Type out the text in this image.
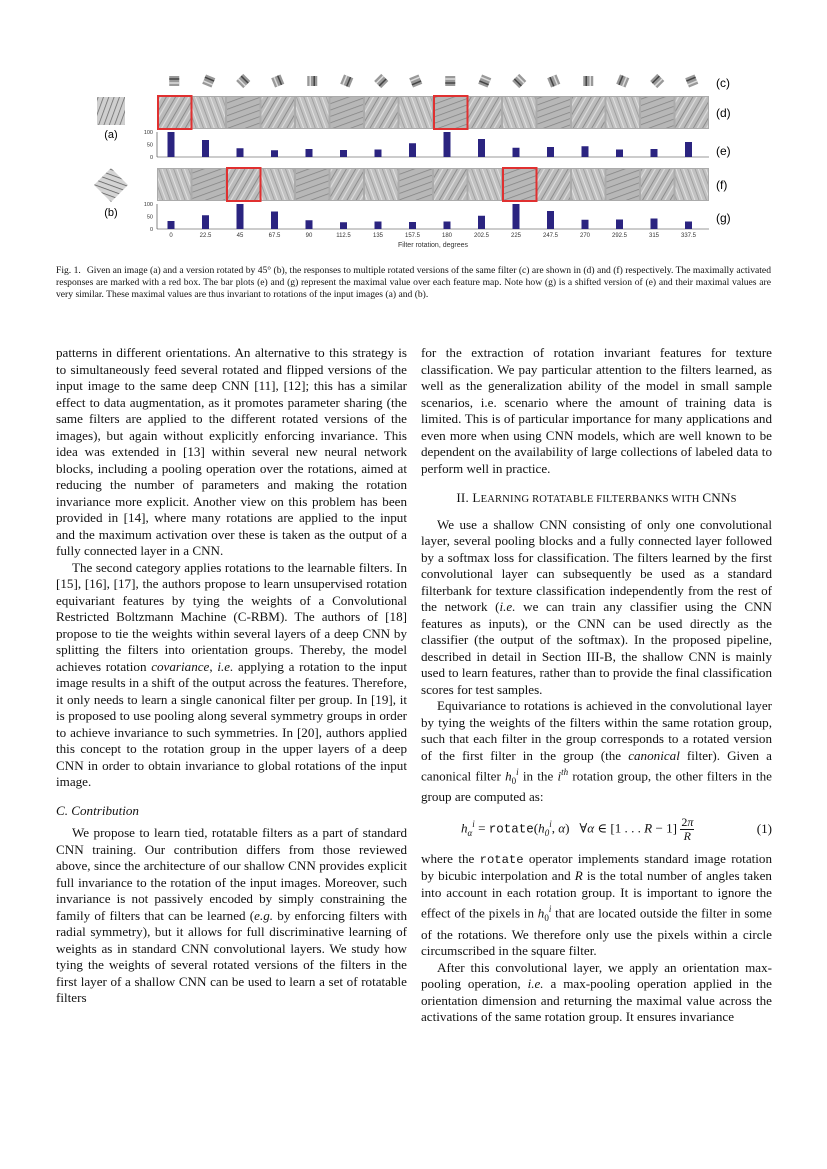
(a)
(b)
100
50
0
100
50
0
0	22.5	45	67.5	90	112.5	135	157.5	180	202.5	225	247.5	270	292.5	315	337.5
(c)
(d)
(e)
(f)
(g)
Filter rotation, degrees
Fig. 1. Given an image (a) and a version rotated by 45° (b), the responses to multiple rotated versions of the same filter (c) are shown in (d) and (f) respectively. The maximally activated responses are marked with a red box. The bar plots (e) and (g) represent the maximal value over each feature map. Note how (g) is a shifted version of (e) and their maximal values are very similar. These maximal values are thus invariant to rotations of the input images (a) and (b).

patterns in different orientations. An alternative to this strategy is to simultaneously feed several rotated and flipped versions of the input image to the same deep CNN [11], [12]; this has a similar effect to data augmentation, as it promotes parameter sharing (the same filters are applied to the different rotated versions of the images), but again without explicitly enforcing invariance. This idea was extended in [13] within several new neural network blocks, including a pooling operation over the rotations, aimed at reducing the number of parameters and making the rotation invariance more explicit. Another view on this problem has been provided in [14], where many rotations are applied to the input and the maximum activation over these is taken as the output of a fully connected layer in a CNN.

The second category applies rotations to the learnable filters. In [15], [16], [17], the authors propose to learn unsupervised rotation equivariant features by tying the weights of a Convolutional Restricted Boltzmann Machine (C-RBM). The authors of [18] propose to tie the weights within several layers of a deep CNN by splitting the filters into orientation groups. Thereby, the model achieves rotation covariance, i.e. applying a rotation to the input image results in a shift of the output across the features. Therefore, it only needs to learn a single canonical filter per group. In [19], it is proposed to use pooling along several symmetry groups in order to achieve invariance to such symmetries. In [20], authors applied this concept to the rotation group in the upper layers of a deep CNN in order to obtain invariance to global rotations of the input image.

C. Contribution

We propose to learn tied, rotatable filters as a part of standard CNN training. Our contribution differs from those reviewed above, since the architecture of our shallow CNN provides explicit full invariance to the rotation of the input images. Moreover, such invariance is not passively encoded by simply constraining the family of filters that can be learned (e.g. by enforcing filters with radial symmetry), but it allows for full discriminative learning of weights as in standard CNN convolutional layers. We study how tying the weights of several rotated versions of the filters in the first layer of a shallow CNN can be used to learn a set of rotatable filters

for the extraction of rotation invariant features for texture classification. We pay particular attention to the filters learned, as well as the generalization ability of the model in small sample scenarios, i.e. scenario where the amount of training data is limited. This is of particular importance for many applications and even more when using CNN models, which are well known to be dependent on the availability of large collections of labeled data to perform well in practice.

II. LEARNING ROTATABLE FILTERBANKS WITH CNNS

We use a shallow CNN consisting of only one convolutional layer, several pooling blocks and a fully connected layer followed by a softmax loss for classification. The filters learned by the first convolutional layer can subsequently be used as a standard filterbank for texture classification independently from the rest of the network (i.e. we can train any classifier using the CNN features as inputs), or the CNN can be used directly as the classifier (the output of the softmax). In the proposed pipeline, described in detail in Section III-B, the shallow CNN is mainly used to learn features, rather than to provide the final classification scores for test samples.

Equivariance to rotations is achieved in the convolutional layer by tying the weights of the filters within the same rotation group, such that each filter in the group corresponds to a rotated version of the first filter in the group (the canonical filter). Given a canonical filter $h_0^i$ in the $i^{th}$ rotation group, the other filters in the group are computed as:

$h_\alpha^i$ = $rotate(h_0^i$, α) ∀α ∈ [1 . . . $R - 1] \frac{2\pi}{R}$	(1)

where the rotate operator implements standard image rotation by bicubic interpolation and R is the total number of angles taken into account in each rotation group. It is important to ignore the effect of the pixels in $h_0^i$ that are located outside the filter in some of the rotations. We therefore only use the pixels within a circle circumscribed in the square filter.

After this convolutional layer, we apply an orientation max-pooling operation, i.e. a max-pooling operation applied in the orientation dimension and returning the maximal value across the activations of the same rotation group. It ensures invariance
